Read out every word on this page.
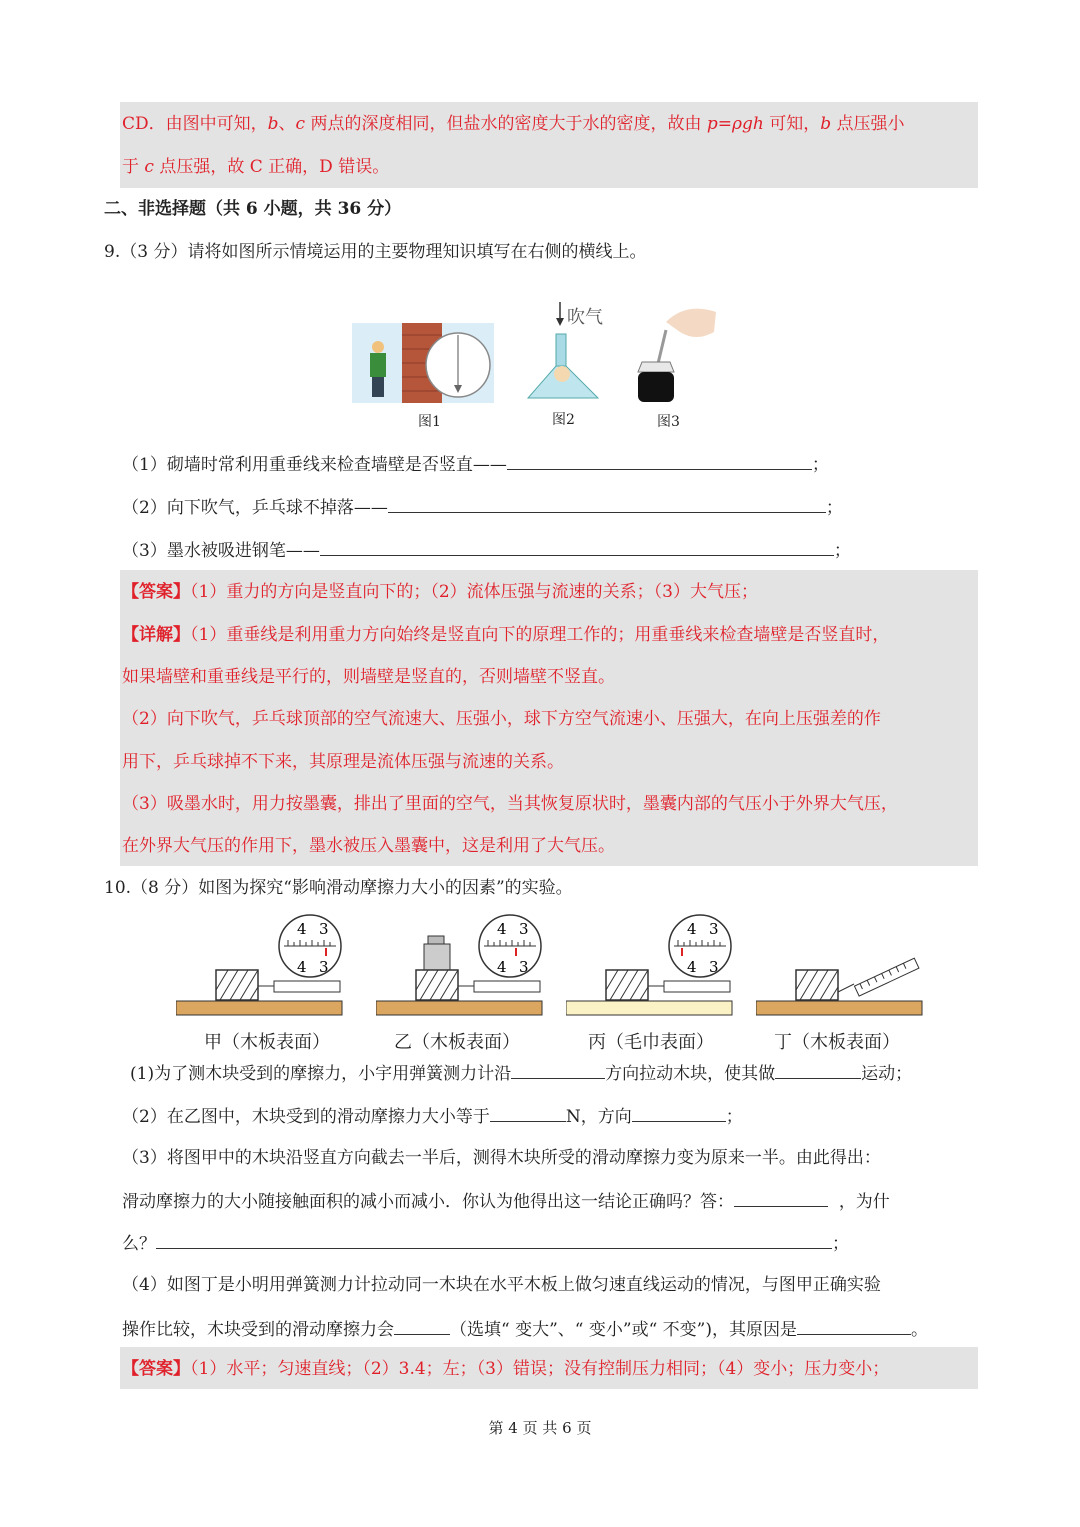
CD．由图中可知，b、c 两点的深度相同，但盐水的密度大于水的密度，故由 p=ρgh 可知，b 点压强小
于 c 点压强，故 C 正确，D 错误。
二、非选择题（共 6 小题，共 36 分）
9.（3 分）请将如图所示情境运用的主要物理知识填写在右侧的横线上。
吹气
图1	图2	图3
（1）砌墙时常利用重垂线来检查墙壁是否竖直——	；
（2）向下吹气，乒乓球不掉落——	；
（3）墨水被吸进钢笔——	；
【答案】（1）重力的方向是竖直向下的；（2）流体压强与流速的关系；（3）大气压；
【详解】（1）重垂线是利用重力方向始终是竖直向下的原理工作的；用重垂线来检查墙壁是否竖直时，
如果墙壁和重垂线是平行的，则墙壁是竖直的，否则墙壁不竖直。
（2）向下吹气，乒乓球顶部的空气流速大、压强小，球下方空气流速小、压强大，在向上压强差的作
用下，乒乓球掉不下来，其原理是流体压强与流速的关系。
（3）吸墨水时，用力按墨囊，排出了里面的空气，当其恢复原状时，墨囊内部的气压小于外界大气压，
在外界大气压的作用下，墨水被压入墨囊中，这是利用了大气压。
10.（8 分）如图为探究“影响滑动摩擦力大小的因素”的实验。
4 3
4 3
4 3
4 3
4 3
4 3
甲（木板表面）	乙（木板表面）	丙（毛巾表面）	丁（木板表面）
(1)为了测木块受到的摩擦力，小宇用弹簧测力计沿	方向拉动木块，使其做	运动；
（2）在乙图中，木块受到的滑动摩擦力大小等于	N，方向	；
（3）将图甲中的木块沿竖直方向截去一半后，测得木块所受的滑动摩擦力变为原来一半。由此得出：
滑动摩擦力的大小随接触面积的减小而减小．你认为他得出这一结论正确吗？答：	，为什
么？	；
（4）如图丁是小明用弹簧测力计拉动同一木块在水平木板上做匀速直线运动的情况，与图甲正确实验
操作比较，木块受到的滑动摩擦力会	（选填“ 变大”、“ 变小”或“ 不变”)，其原因是	。
【答案】（1）水平；匀速直线；（2）3.4；左；（3）错误；没有控制压力相同；（4）变小；压力变小；
第 4 页 共 6 页
